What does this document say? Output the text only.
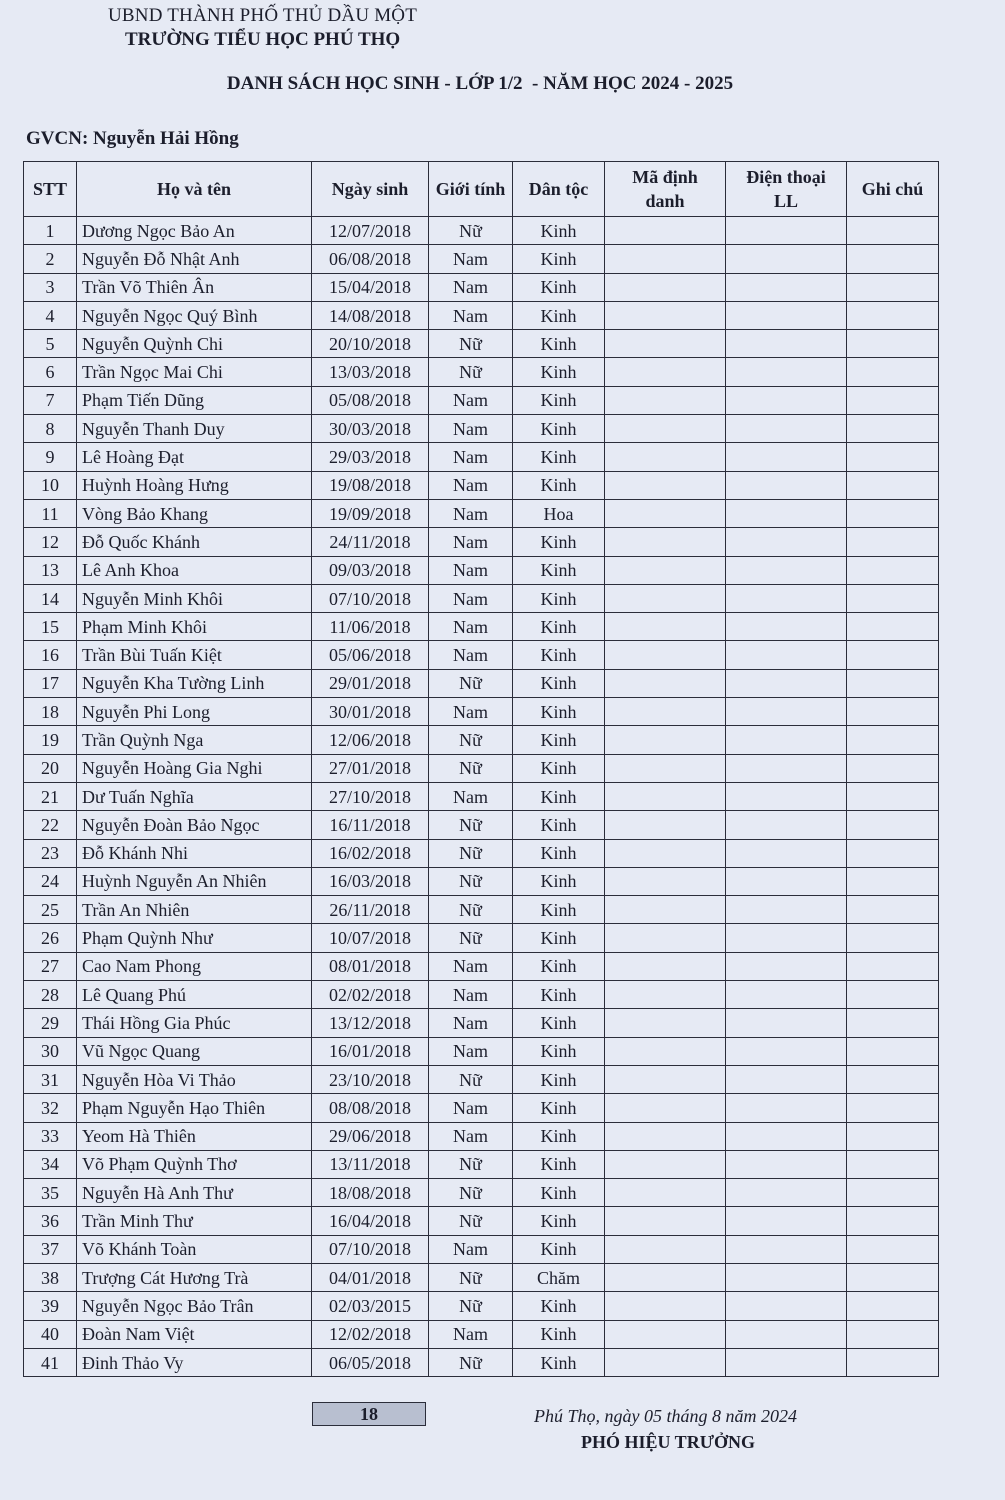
UBND THÀNH PHỐ THỦ DẦU MỘT
TRƯỜNG TIỂU HỌC PHÚ THỌ
DANH SÁCH HỌC SINH - LỚP 1/2  - NĂM HỌC 2024 - 2025
GVCN: Nguyễn Hải Hồng
STT	Họ và tên	Ngày sinh	Giới tính	Dân tộc	Mã định danh	Điện thoại LL	Ghi chú
1	Dương Ngọc Bảo An	12/07/2018	Nữ	Kinh			
2	Nguyễn Đỗ Nhật Anh	06/08/2018	Nam	Kinh			
3	Trần Võ Thiên Ân	15/04/2018	Nam	Kinh			
4	Nguyễn Ngọc Quý Bình	14/08/2018	Nam	Kinh			
5	Nguyễn Quỳnh Chi	20/10/2018	Nữ	Kinh			
6	Trần Ngọc Mai Chi	13/03/2018	Nữ	Kinh			
7	Phạm Tiến Dũng	05/08/2018	Nam	Kinh			
8	Nguyễn Thanh Duy	30/03/2018	Nam	Kinh			
9	Lê Hoàng Đạt	29/03/2018	Nam	Kinh			
10	Huỳnh Hoàng Hưng	19/08/2018	Nam	Kinh			
11	Vòng Bảo Khang	19/09/2018	Nam	Hoa			
12	Đỗ Quốc Khánh	24/11/2018	Nam	Kinh			
13	Lê Anh Khoa	09/03/2018	Nam	Kinh			
14	Nguyễn Minh Khôi	07/10/2018	Nam	Kinh			
15	Phạm Minh Khôi	11/06/2018	Nam	Kinh			
16	Trần Bùi Tuấn Kiệt	05/06/2018	Nam	Kinh			
17	Nguyễn Kha Tường Linh	29/01/2018	Nữ	Kinh			
18	Nguyễn Phi Long	30/01/2018	Nam	Kinh			
19	Trần Quỳnh Nga	12/06/2018	Nữ	Kinh			
20	Nguyễn Hoàng Gia Nghi	27/01/2018	Nữ	Kinh			
21	Dư Tuấn Nghĩa	27/10/2018	Nam	Kinh			
22	Nguyễn Đoàn Bảo Ngọc	16/11/2018	Nữ	Kinh			
23	Đỗ Khánh Nhi	16/02/2018	Nữ	Kinh			
24	Huỳnh Nguyễn An Nhiên	16/03/2018	Nữ	Kinh			
25	Trần An Nhiên	26/11/2018	Nữ	Kinh			
26	Phạm Quỳnh Như	10/07/2018	Nữ	Kinh			
27	Cao Nam Phong	08/01/2018	Nam	Kinh			
28	Lê Quang Phú	02/02/2018	Nam	Kinh			
29	Thái Hồng Gia Phúc	13/12/2018	Nam	Kinh			
30	Vũ Ngọc Quang	16/01/2018	Nam	Kinh			
31	Nguyễn Hòa Vi Thảo	23/10/2018	Nữ	Kinh			
32	Phạm Nguyễn Hạo Thiên	08/08/2018	Nam	Kinh			
33	Yeom Hà Thiên	29/06/2018	Nam	Kinh			
34	Võ Phạm Quỳnh Thơ	13/11/2018	Nữ	Kinh			
35	Nguyễn Hà Anh Thư	18/08/2018	Nữ	Kinh			
36	Trần Minh Thư	16/04/2018	Nữ	Kinh			
37	Võ Khánh Toàn	07/10/2018	Nam	Kinh			
38	Trượng Cát Hương Trà	04/01/2018	Nữ	Chăm			
39	Nguyễn Ngọc Bảo Trân	02/03/2015	Nữ	Kinh			
40	Đoàn Nam Việt	12/02/2018	Nam	Kinh			
41	Đinh Thảo Vy	06/05/2018	Nữ	Kinh			
18	Phú Thọ, ngày 05 tháng 8 năm 2024
PHÓ HIỆU TRƯỞNG
